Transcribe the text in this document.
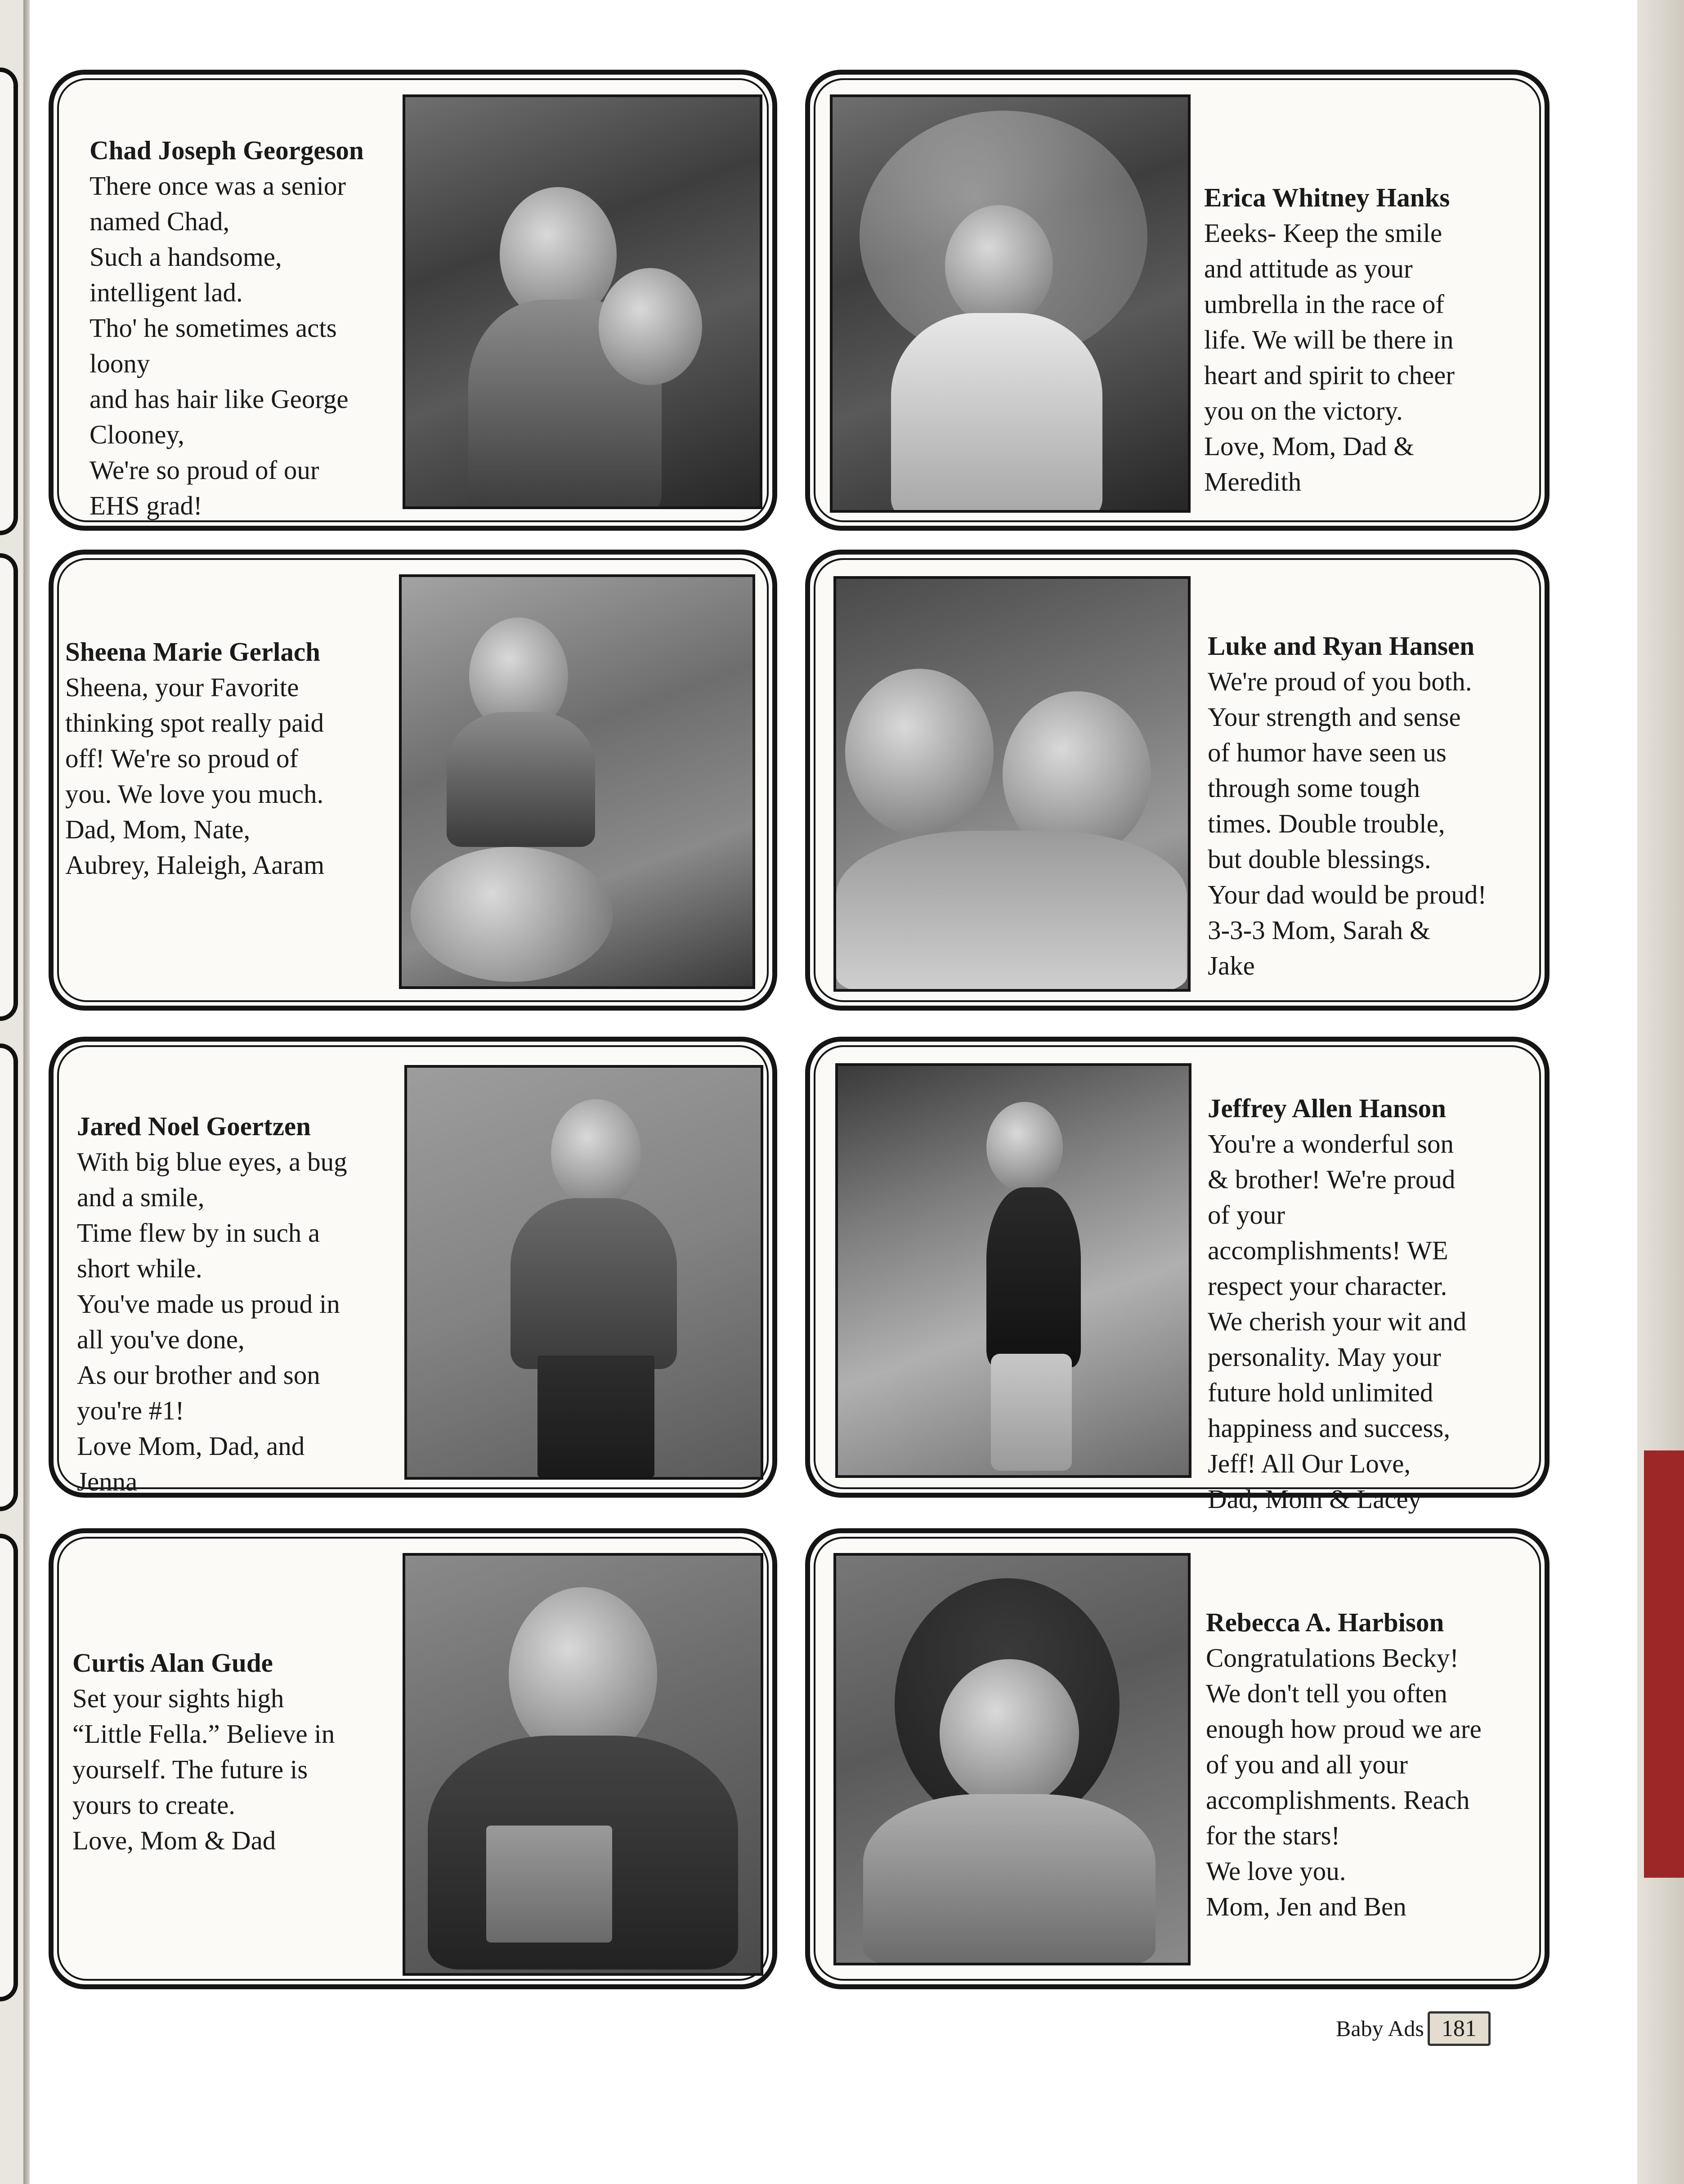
Chad Joseph Georgeson
There once was a senior
named Chad,
Such a handsome,
intelligent lad.
Tho' he sometimes acts
loony
and has hair like George
Clooney,
We're so proud of our
EHS grad!

Erica Whitney Hanks
Eeeks- Keep the smile
and attitude as your
umbrella in the race of
life. We will be there in
heart and spirit to cheer
you on the victory.
Love, Mom, Dad &
Meredith

Sheena Marie Gerlach
Sheena, your Favorite
thinking spot really paid
off! We're so proud of
you. We love you much.
Dad, Mom, Nate,
Aubrey, Haleigh, Aaram

Luke and Ryan Hansen
We're proud of you both.
Your strength and sense
of humor have seen us
through some tough
times. Double trouble,
but double blessings.
Your dad would be proud!
3-3-3 Mom, Sarah &
Jake

Jared Noel Goertzen
With big blue eyes, a bug
and a smile,
Time flew by in such a
short while.
You've made us proud in
all you've done,
As our brother and son
you're #1!
Love Mom, Dad, and
Jenna

Jeffrey Allen Hanson
You're a wonderful son
& brother! We're proud
of your
accomplishments! WE
respect your character.
We cherish your wit and
personality. May your
future hold unlimited
happiness and success,
Jeff! All Our Love,
Dad, Mom & Lacey

Curtis Alan Gude
Set your sights high
“Little Fella.” Believe in
yourself. The future is
yours to create.
Love, Mom & Dad

Rebecca A. Harbison
Congratulations Becky!
We don't tell you often
enough how proud we are
of you and all your
accomplishments. Reach
for the stars!
We love you.
Mom, Jen and Ben

Baby Ads 181
